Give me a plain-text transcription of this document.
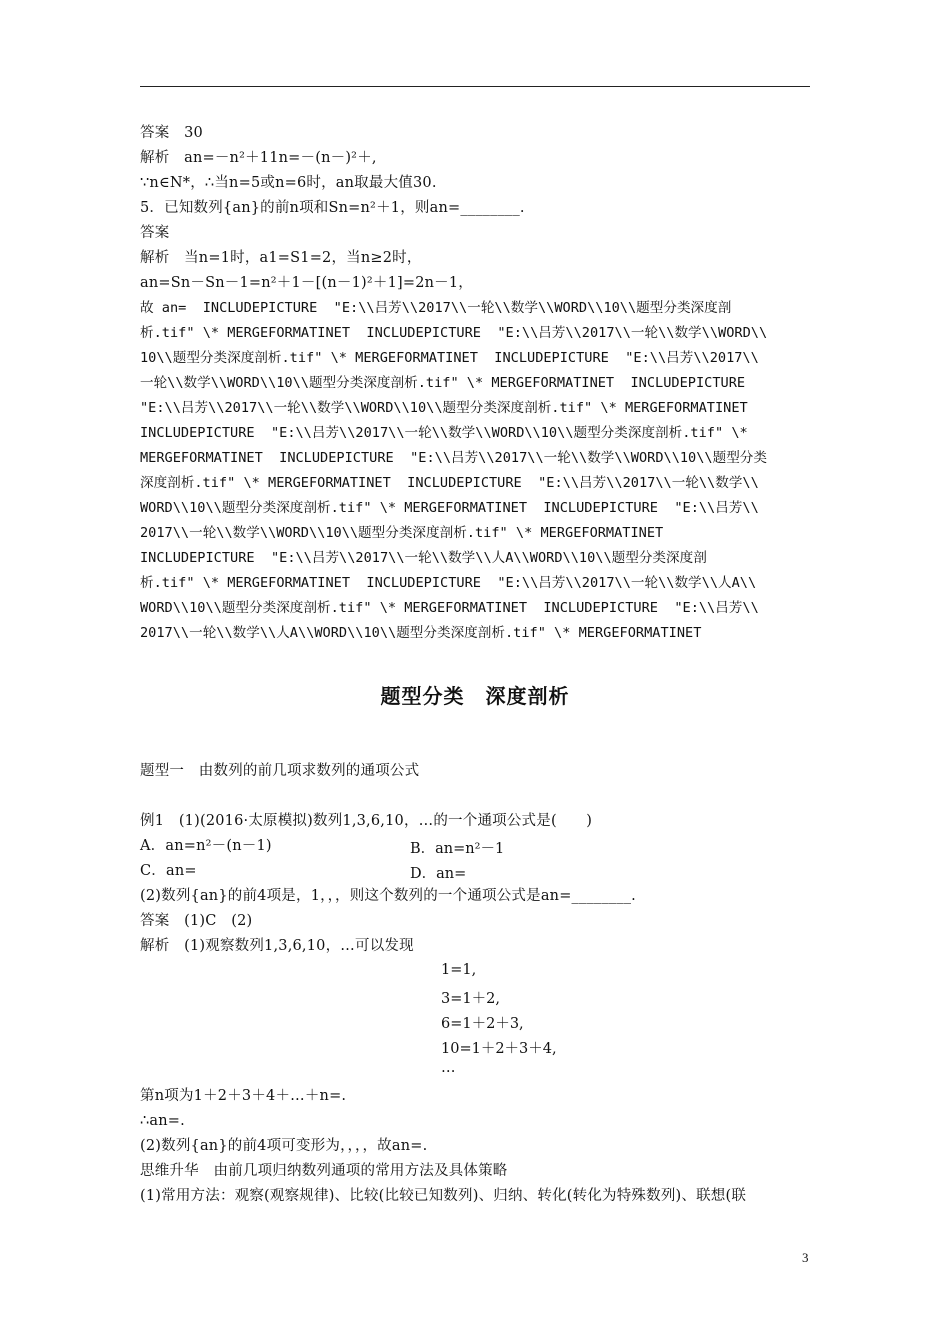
答案　30
解析　an=－n²＋11n=－(n－)²＋,
∵n∈N*，∴当n=5或n=6时，an取最大值30.
5．已知数列{an}的前n项和Sn=n²＋1，则an=________.
答案
解析　当n=1时，a1=S1=2，当n≥2时，
an=Sn－Sn－1=n²＋1－[(n－1)²＋1]=2n－1，
故 an=  INCLUDEPICTURE  "E:\\吕芳\\2017\\一轮\\数学\\WORD\\10\\题型分类深度剖
析.tif" \* MERGEFORMATINET  INCLUDEPICTURE  "E:\\吕芳\\2017\\一轮\\数学\\WORD\\
10\\题型分类深度剖析.tif" \* MERGEFORMATINET  INCLUDEPICTURE  "E:\\吕芳\\2017\\
一轮\\数学\\WORD\\10\\题型分类深度剖析.tif" \* MERGEFORMATINET  INCLUDEPICTURE
"E:\\吕芳\\2017\\一轮\\数学\\WORD\\10\\题型分类深度剖析.tif" \* MERGEFORMATINET
INCLUDEPICTURE  "E:\\吕芳\\2017\\一轮\\数学\\WORD\\10\\题型分类深度剖析.tif" \*
MERGEFORMATINET  INCLUDEPICTURE  "E:\\吕芳\\2017\\一轮\\数学\\WORD\\10\\题型分类
深度剖析.tif" \* MERGEFORMATINET  INCLUDEPICTURE  "E:\\吕芳\\2017\\一轮\\数学\\
WORD\\10\\题型分类深度剖析.tif" \* MERGEFORMATINET  INCLUDEPICTURE  "E:\\吕芳\\
2017\\一轮\\数学\\WORD\\10\\题型分类深度剖析.tif" \* MERGEFORMATINET
INCLUDEPICTURE  "E:\\吕芳\\2017\\一轮\\数学\\人A\\WORD\\10\\题型分类深度剖
析.tif" \* MERGEFORMATINET  INCLUDEPICTURE  "E:\\吕芳\\2017\\一轮\\数学\\人A\\
WORD\\10\\题型分类深度剖析.tif" \* MERGEFORMATINET  INCLUDEPICTURE  "E:\\吕芳\\
2017\\一轮\\数学\\人A\\WORD\\10\\题型分类深度剖析.tif" \* MERGEFORMATINET
题型分类　深度剖析
题型一　由数列的前几项求数列的通项公式
例1　(1)(2016·太原模拟)数列1,3,6,10，…的一个通项公式是(　　)
A．an=n²－(n－1)	B．an=n²－1
C．an=	D．an=
(2)数列{an}的前4项是，1，，，则这个数列的一个通项公式是an=________.
答案　(1)C　(2)
解析　(1)观察数列1,3,6,10，…可以发现
1=1,
3=1＋2,
6=1＋2＋3,
10=1＋2＋3＋4,
…
第n项为1＋2＋3＋4＋…＋n=.
∴an=.
(2)数列{an}的前4项可变形为，，，，故an=.
思维升华　由前几项归纳数列通项的常用方法及具体策略
(1)常用方法：观察(观察规律)、比较(比较已知数列)、归纳、转化(转化为特殊数列)、联想(联
3
